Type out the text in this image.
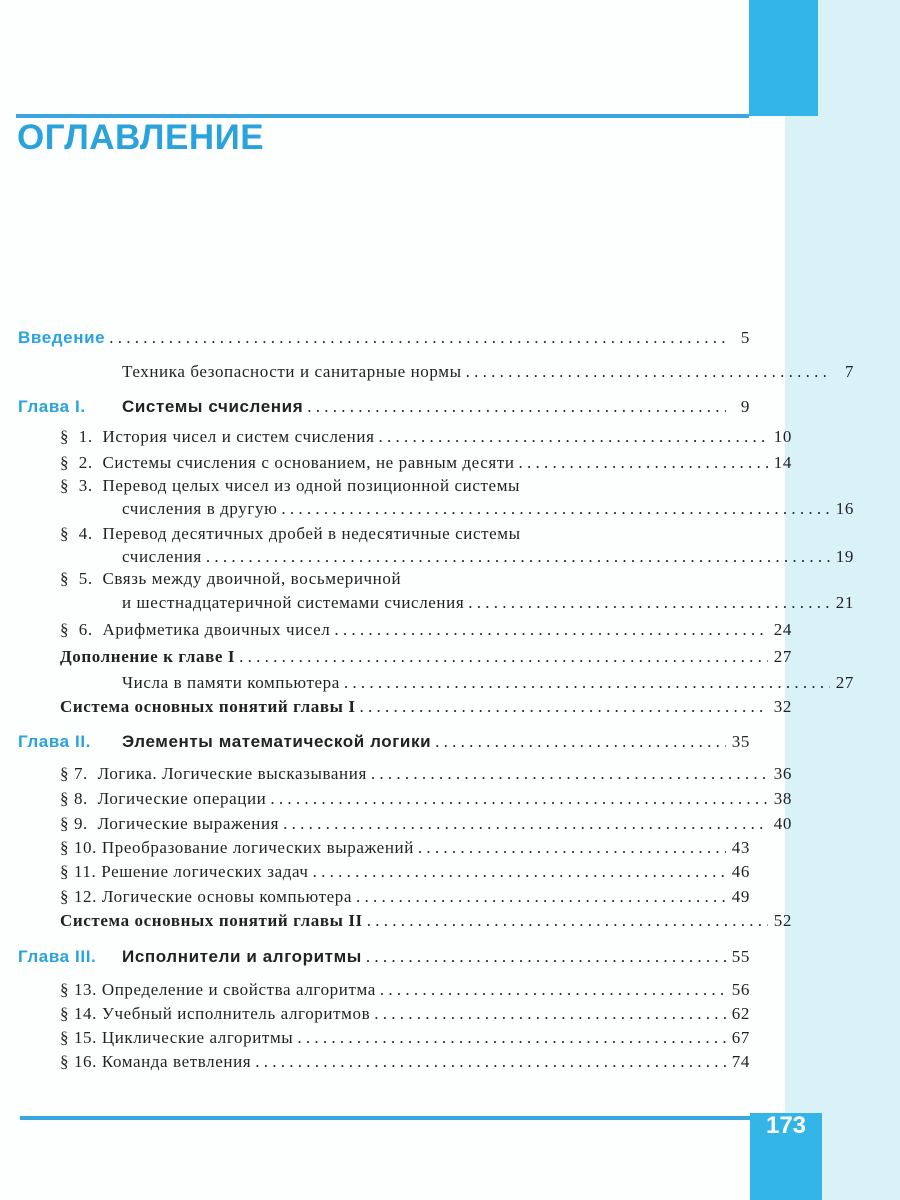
173
ОГЛАВЛЕНИЕ
Введение . . .	5
Техника безопасности и санитарные нормы . . .	7
Глава I.	Системы счисления . . .	9
§  1.  История чисел и систем счисления . . .	10
§  2.  Системы счисления с основанием, не равным десяти . . .	14
§  3.  Перевод целых чисел из одной позиционной системы
счисления в другую . . .	16
§  4.  Перевод десятичных дробей в недесятичные системы
счисления . . .	19
§  5.  Связь между двоичной, восьмеричной
и шестнадцатеричной системами счисления . . .	21
§  6.  Арифметика двоичных чисел . . .	24
Дополнение к главе I . . .	27
Числа в памяти компьютера . . .	27
Система основных понятий главы I . . .	32
Глава II.	Элементы математической логики . . .	35
§ 7. Логика. Логические высказывания . . .	36
§ 8. Логические операции . . .	38
§ 9. Логические выражения . . .	40
§ 10. Преобразование логических выражений . . .	43
§ 11. Решение логических задач . . .	46
§ 12. Логические основы компьютера . . .	49
Система основных понятий главы II . . .	52
Глава III.	Исполнители и алгоритмы . . .	55
§ 13. Определение и свойства алгоритма . . .	56
§ 14. Учебный исполнитель алгоритмов . . .	62
§ 15. Циклические алгоритмы . . .	67
§ 16. Команда ветвления . . .	74
